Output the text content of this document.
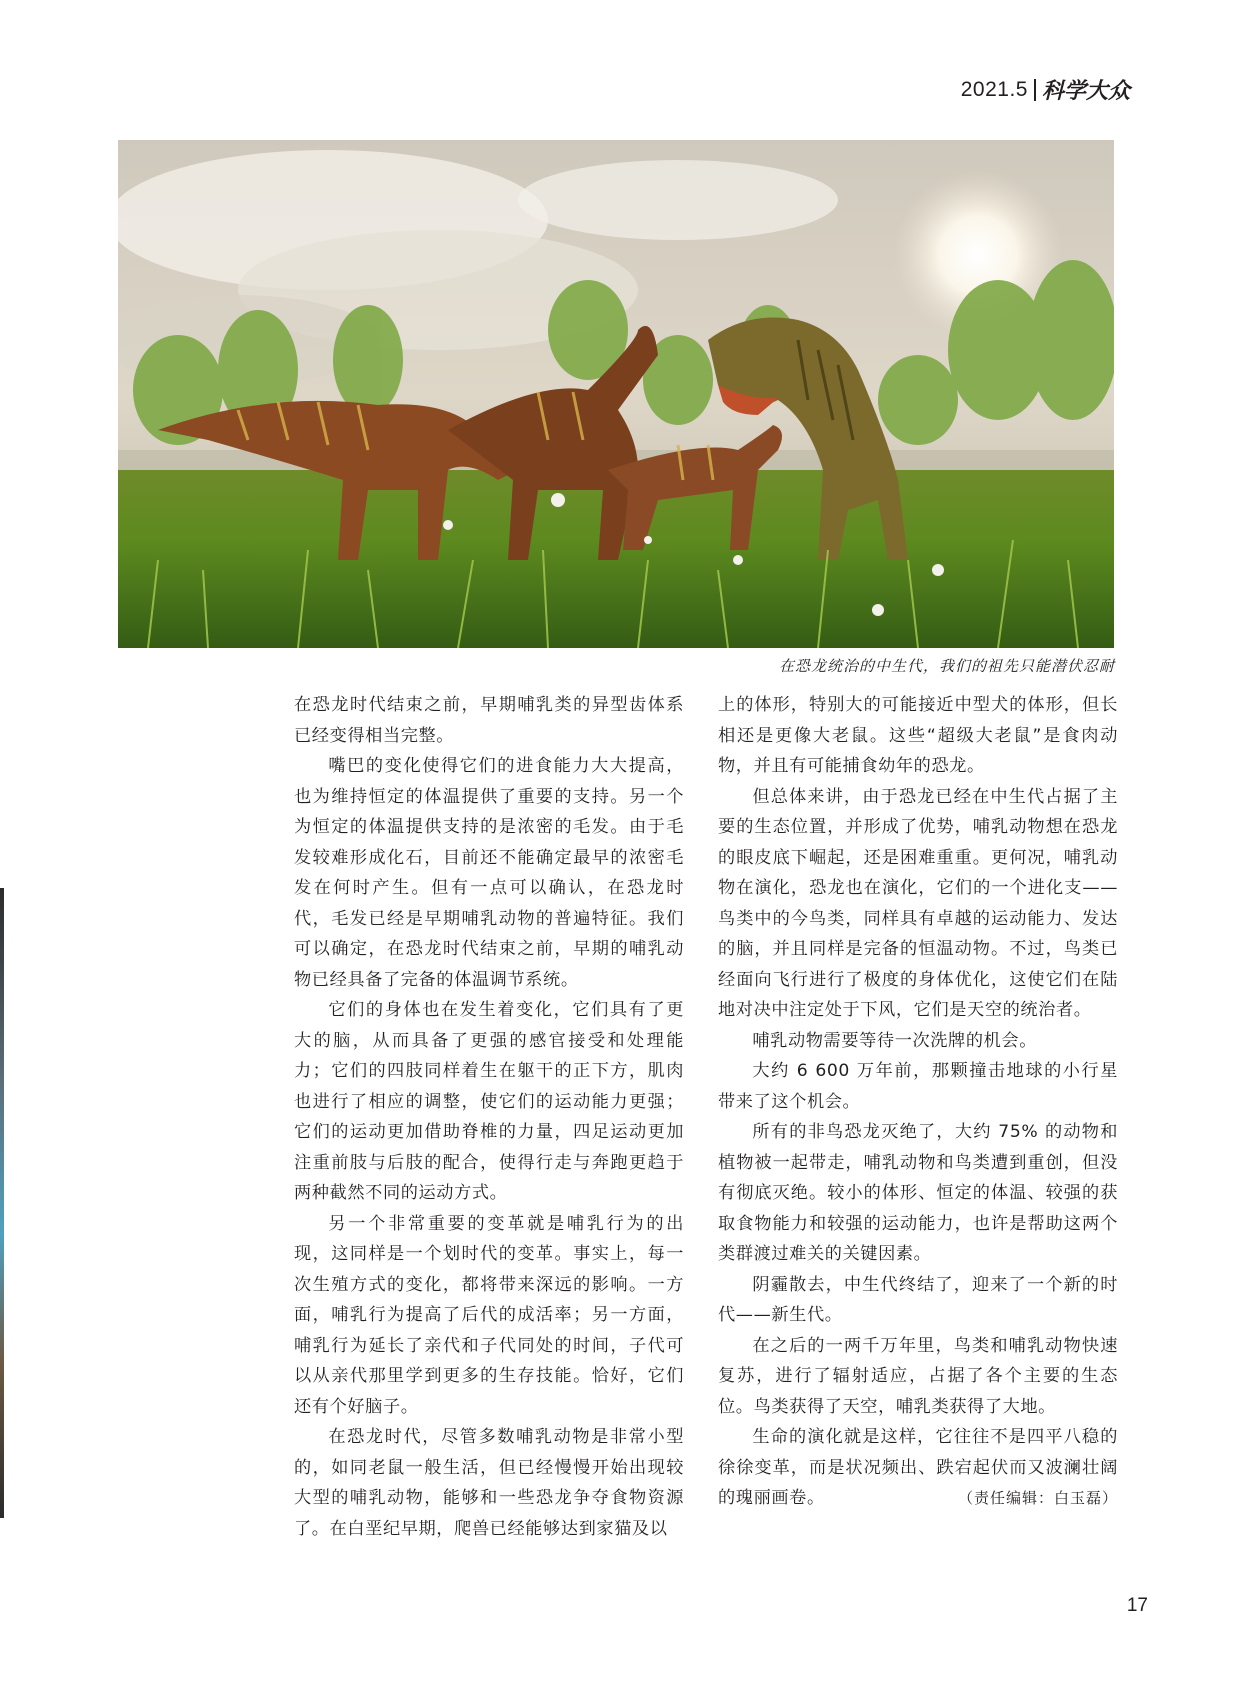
2021.5 科学大众
在恐龙统治的中生代，我们的祖先只能潜伏忍耐

在恐龙时代结束之前，早期哺乳类的异型齿体系已经变得相当完整。

嘴巴的变化使得它们的进食能力大大提高，也为维持恒定的体温提供了重要的支持。另一个为恒定的体温提供支持的是浓密的毛发。由于毛发较难形成化石，目前还不能确定最早的浓密毛发在何时产生。但有一点可以确认，在恐龙时代，毛发已经是早期哺乳动物的普遍特征。我们可以确定，在恐龙时代结束之前，早期的哺乳动物已经具备了完备的体温调节系统。

它们的身体也在发生着变化，它们具有了更大的脑，从而具备了更强的感官接受和处理能力；它们的四肢同样着生在躯干的正下方，肌肉也进行了相应的调整，使它们的运动能力更强；它们的运动更加借助脊椎的力量，四足运动更加注重前肢与后肢的配合，使得行走与奔跑更趋于两种截然不同的运动方式。

另一个非常重要的变革就是哺乳行为的出现，这同样是一个划时代的变革。事实上，每一次生殖方式的变化，都将带来深远的影响。一方面，哺乳行为提高了后代的成活率；另一方面，哺乳行为延长了亲代和子代同处的时间，子代可以从亲代那里学到更多的生存技能。恰好，它们还有个好脑子。

在恐龙时代，尽管多数哺乳动物是非常小型的，如同老鼠一般生活，但已经慢慢开始出现较大型的哺乳动物，能够和一些恐龙争夺食物资源了。在白垩纪早期，爬兽已经能够达到家猫及以

上的体形，特别大的可能接近中型犬的体形，但长相还是更像大老鼠。这些“超级大老鼠”是食肉动物，并且有可能捕食幼年的恐龙。

但总体来讲，由于恐龙已经在中生代占据了主要的生态位置，并形成了优势，哺乳动物想在恐龙的眼皮底下崛起，还是困难重重。更何况，哺乳动物在演化，恐龙也在演化，它们的一个进化支——鸟类中的今鸟类，同样具有卓越的运动能力、发达的脑，并且同样是完备的恒温动物。不过，鸟类已经面向飞行进行了极度的身体优化，这使它们在陆地对决中注定处于下风，它们是天空的统治者。

哺乳动物需要等待一次洗牌的机会。

大约 6 600 万年前，那颗撞击地球的小行星带来了这个机会。

所有的非鸟恐龙灭绝了，大约 75% 的动物和植物被一起带走，哺乳动物和鸟类遭到重创，但没有彻底灭绝。较小的体形、恒定的体温、较强的获取食物能力和较强的运动能力，也许是帮助这两个类群渡过难关的关键因素。

阴霾散去，中生代终结了，迎来了一个新的时代——新生代。

在之后的一两千万年里，鸟类和哺乳动物快速复苏，进行了辐射适应，占据了各个主要的生态位。鸟类获得了天空，哺乳类获得了大地。

生命的演化就是这样，它往往不是四平八稳的徐徐变革，而是状况频出、跌宕起伏而又波澜壮阔的瑰丽画卷。	（责任编辑：白玉磊）

17
